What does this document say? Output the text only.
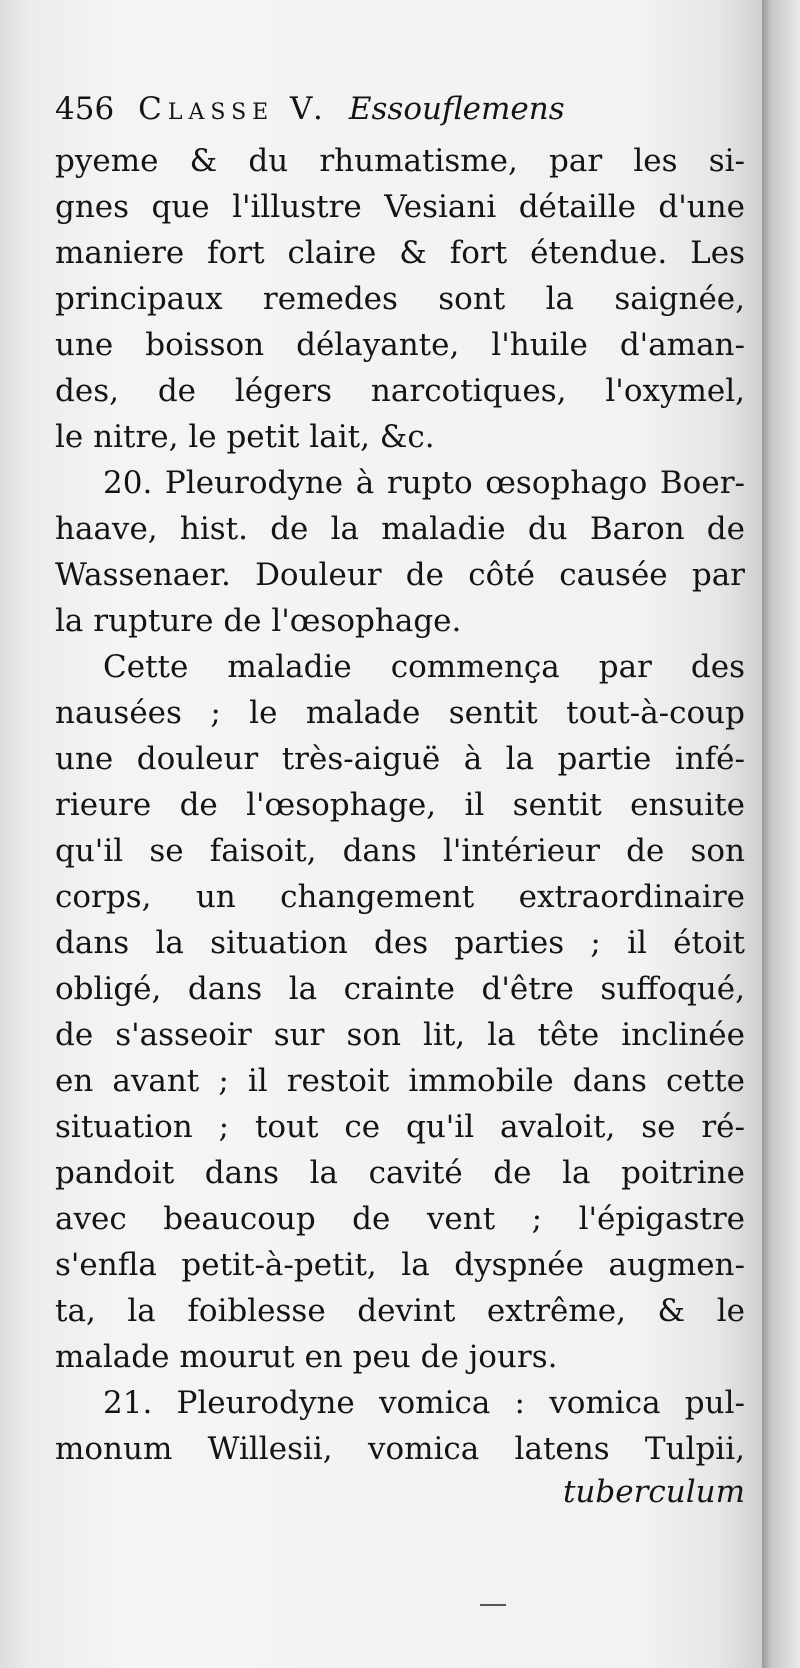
456 Classe V. Essouflemens
pyeme & du rhumatisme, par les si-
gnes que l'illustre Vesiani détaille d'une
maniere fort claire & fort étendue. Les
principaux remedes sont la saignée,
une boisson délayante, l'huile d'aman-
des, de légers narcotiques, l'oxymel,
le nitre, le petit lait, &c.
20. Pleurodyne à rupto œsophago Boer-
haave, hist. de la maladie du Baron de
Wassenaer. Douleur de côté causée par
la rupture de l'œsophage.
Cette maladie commença par des
nausées ; le malade sentit tout-à-coup
une douleur très-aiguë à la partie infé-
rieure de l'œsophage, il sentit ensuite
qu'il se faisoit, dans l'intérieur de son
corps, un changement extraordinaire
dans la situation des parties ; il étoit
obligé, dans la crainte d'être suffoqué,
de s'asseoir sur son lit, la tête inclinée
en avant ; il restoit immobile dans cette
situation ; tout ce qu'il avaloit, se ré-
pandoit dans la cavité de la poitrine
avec beaucoup de vent ; l'épigastre
s'enfla petit-à-petit, la dyspnée augmen-
ta, la foiblesse devint extrême, & le
malade mourut en peu de jours.
21. Pleurodyne vomica : vomica pul-
monum Willesii, vomica latens Tulpii,
tuberculum
